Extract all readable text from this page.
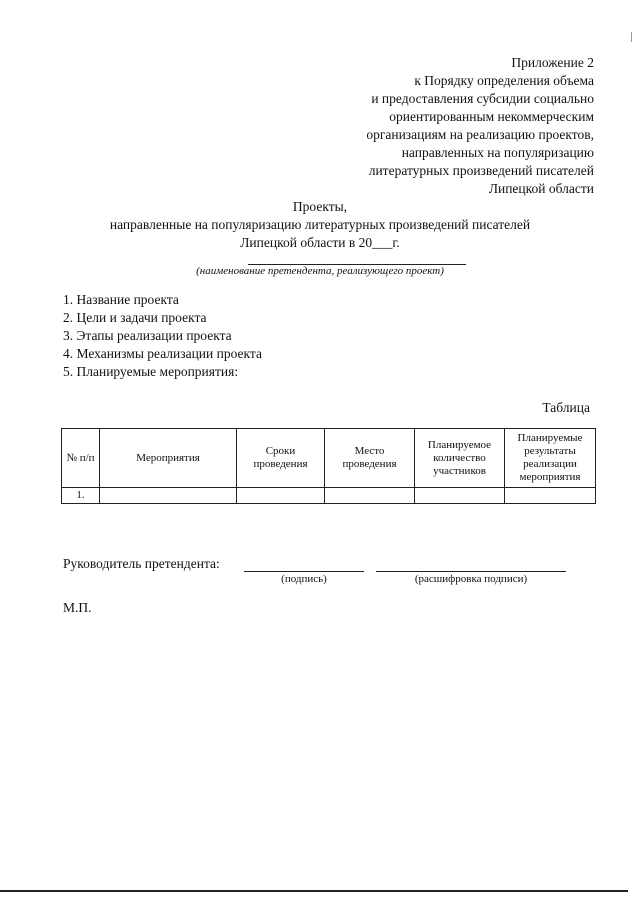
Приложение 2
к Порядку определения объема
и предоставления субсидии социально
ориентированным некоммерческим
организациям на реализацию проектов,
направленных на популяризацию
литературных произведений писателей
Липецкой области
Проекты,
направленные на популяризацию литературных произведений писателей
Липецкой области в 20___г.
(наименование претендента, реализующего проект)
1. Название проекта
2. Цели и задачи проекта
3. Этапы реализации проекта
4. Механизмы реализации проекта
5. Планируемые мероприятия:
Таблица
№ п/п	Мероприятия	Сроки проведения	Место проведения	Планируемое количество участников	Планируемые результаты реализации мероприятия
1.					
Руководитель претендента:
(подпись)	(расшифровка подписи)
М.П.
